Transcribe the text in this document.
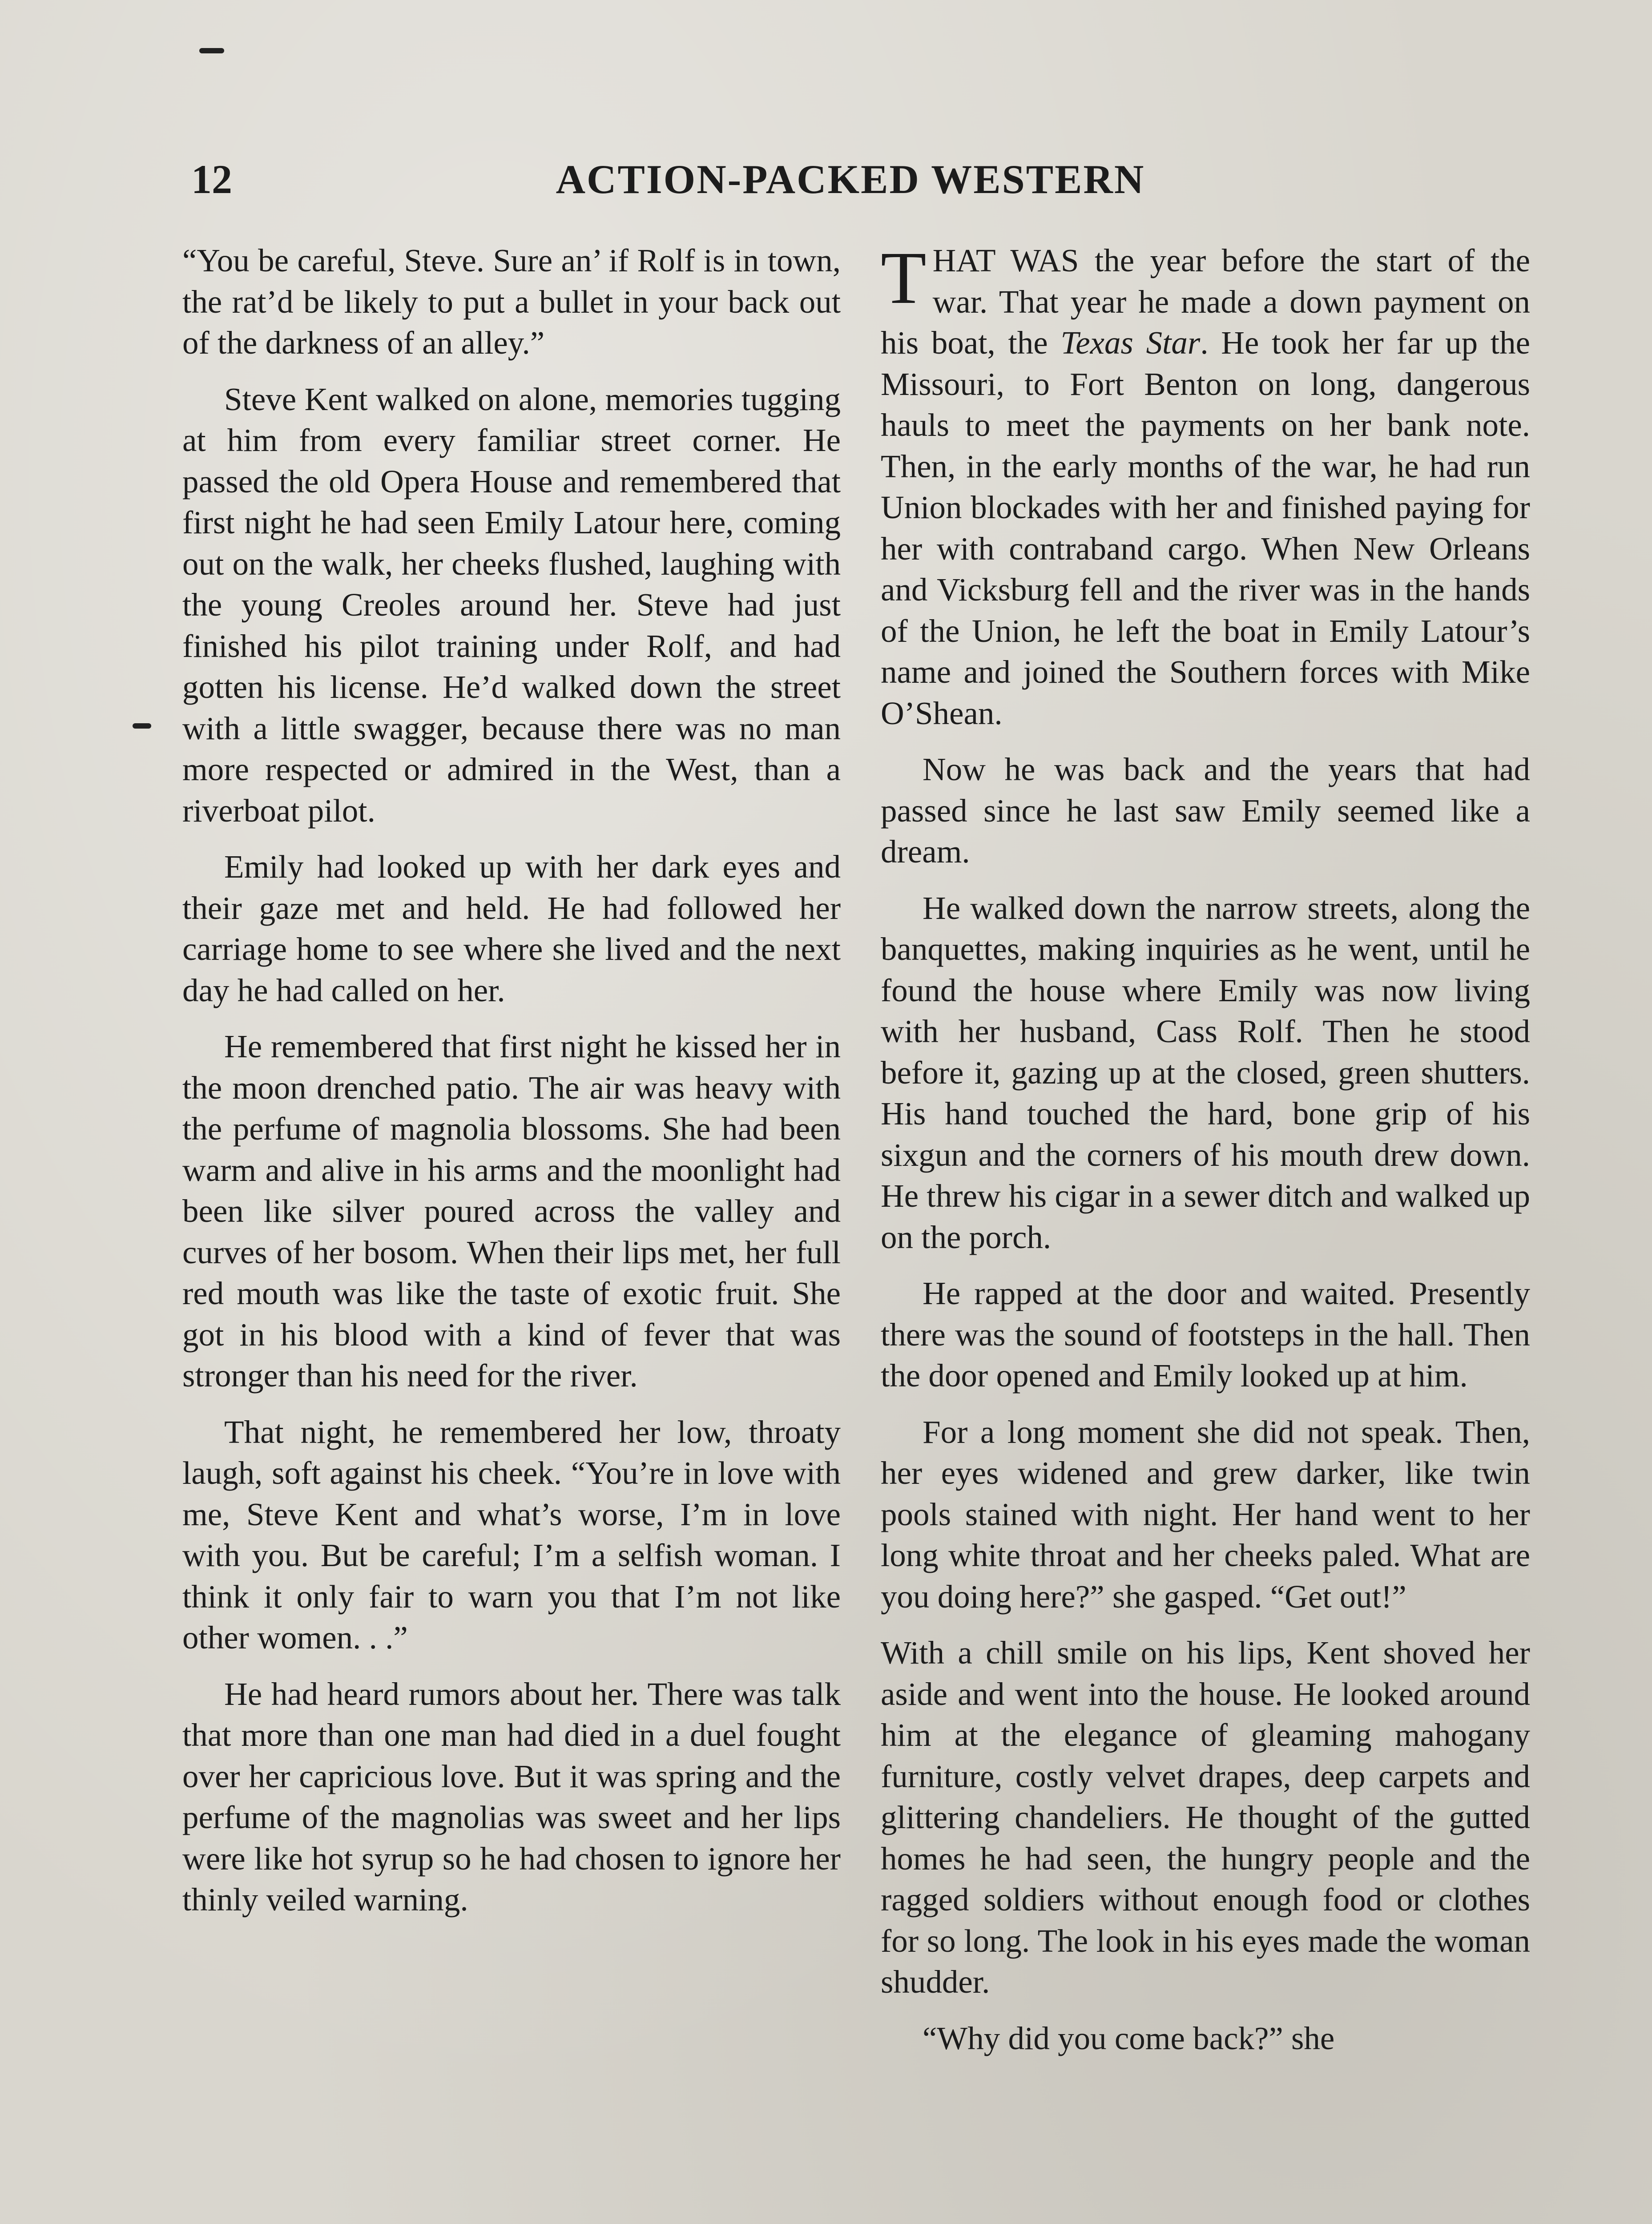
12	ACTION-PACKED WESTERN

“You be careful, Steve. Sure an’ if Rolf is in town, the rat’d be likely to put a bullet in your back out of the darkness of an alley.”

Steve Kent walked on alone, memories tugging at him from every familiar street corner. He passed the old Opera House and remembered that first night he had seen Emily Latour here, coming out on the walk, her cheeks flushed, laughing with the young Creoles around her. Steve had just finished his pilot training under Rolf, and had gotten his license. He’d walked down the street with a little swagger, because there was no man more respected or admired in the West, than a riverboat pilot.

Emily had looked up with her dark eyes and their gaze met and held. He had followed her carriage home to see where she lived and the next day he had called on her.

He remembered that first night he kissed her in the moon drenched patio. The air was heavy with the perfume of magnolia blossoms. She had been warm and alive in his arms and the moonlight had been like silver poured across the valley and curves of her bosom. When their lips met, her full red mouth was like the taste of exotic fruit. She got in his blood with a kind of fever that was stronger than his need for the river.

That night, he remembered her low, throaty laugh, soft against his cheek. “You’re in love with me, Steve Kent and what’s worse, I’m in love with you. But be careful; I’m a selfish woman. I think it only fair to warn you that I’m not like other women. . .”

He had heard rumors about her. There was talk that more than one man had died in a duel fought over her capricious love. But it was spring and the perfume of the magnolias was sweet and her lips were like hot syrup so he had chosen to ignore her thinly veiled warning.

THAT WAS the year before the start of the war. That year he made a down payment on his boat, the Texas Star. He took her far up the Missouri, to Fort Benton on long, dangerous hauls to meet the payments on her bank note. Then, in the early months of the war, he had run Union blockades with her and finished paying for her with contraband cargo. When New Orleans and Vicksburg fell and the river was in the hands of the Union, he left the boat in Emily Latour’s name and joined the Southern forces with Mike O’Shean.

Now he was back and the years that had passed since he last saw Emily seemed like a dream.

He walked down the narrow streets, along the banquettes, making inquiries as he went, until he found the house where Emily was now living with her husband, Cass Rolf. Then he stood before it, gazing up at the closed, green shutters. His hand touched the hard, bone grip of his sixgun and the corners of his mouth drew down. He threw his cigar in a sewer ditch and walked up on the porch.

He rapped at the door and waited. Presently there was the sound of footsteps in the hall. Then the door opened and Emily looked up at him.

For a long moment she did not speak. Then, her eyes widened and grew darker, like twin pools stained with night. Her hand went to her long white throat and her cheeks paled. What are you doing here?” she gasped. “Get out!”

With a chill smile on his lips, Kent shoved her aside and went into the house. He looked around him at the elegance of gleaming mahogany furniture, costly velvet drapes, deep carpets and glittering chandeliers. He thought of the gutted homes he had seen, the hungry people and the ragged soldiers without enough food or clothes for so long. The look in his eyes made the woman shudder.

“Why did you come back?” she
